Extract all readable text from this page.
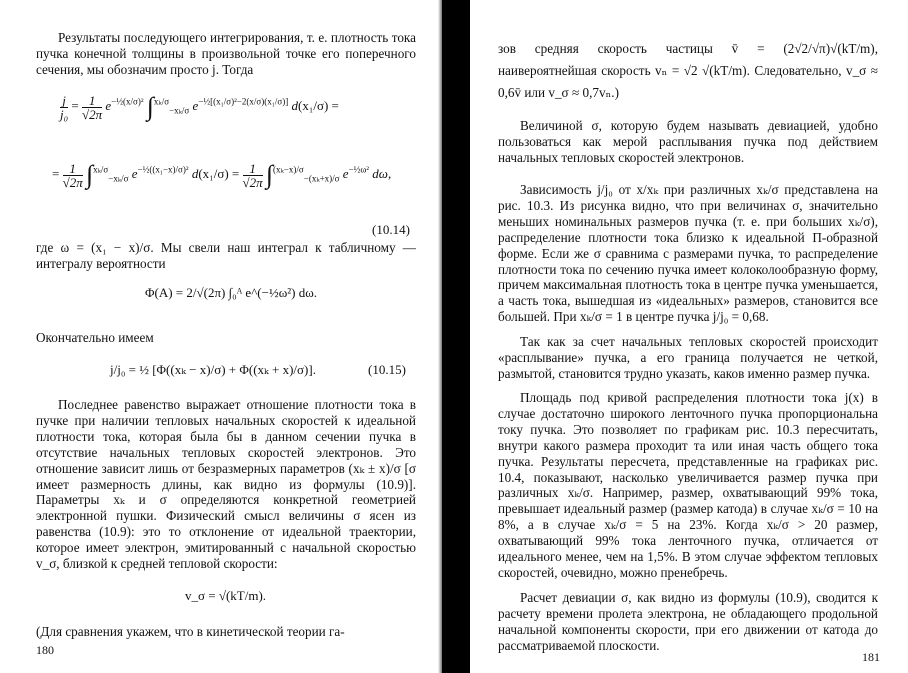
Результаты последующего интегрирования, т. е. плотность тока пучка конечной толщины в произвольной точке его поперечного сечения, мы обозначим просто j. Тогда

$\frac{j}{\text{j₀}} = \frac{1}{√2\pi} e^{-\frac{1}{2}(x/\sigma)^2}$ ∫$^{x_k/\sigma}_{-x_k/\sigma}$ $e^{-\frac{1}{2}[(x_1/\sigma)^2-2(x/\sigma)(x_1/\sigma)]}$ d(x₁/σ) =
= $\frac{1}{√2\pi} \int^{x_k/\sigma}_{-x_k/\sigma}$ $e^{-\frac{1}{2}((x_1-x)/\sigma)^2}$ $d(x_1/\sigma) = \frac{1}{√2\pi} \int^{(x_k-x)/\sigma}_{-(x_k+x)/\sigma}$ $e^{-\frac{1}{2}\omega^2}$ dω,
(10.14)

где ω = (x₁ − x)/σ. Мы свели наш интеграл к табличному — интегралу вероятности

Φ(A) = 2/√(2π) ∫₀ᴬ e^(−½ω²) dω.

Окончательно имеем

j/j₀ = ½ [Φ((xₖ − x)/σ) + Φ((xₖ + x)/σ)].	(10.15)

Последнее равенство выражает отношение плотности тока в пучке при наличии тепловых начальных скоростей к идеальной плотности тока, которая была бы в данном сечении пучка в отсутствие начальных тепловых скоростей электронов. Это отношение зависит лишь от безразмерных параметров (xₖ ± x)/σ [σ имеет размерность длины, как видно из формулы (10.9)]. Параметры xₖ и σ определяются конкретной геометрией электронной пушки. Физический смысл величины σ ясен из равенства (10.9): это то отклонение от идеальной траектории, которое имеет электрон, эмитированный с начальной скоростью v_σ, близкой к средней тепловой скорости:

v_σ = √(kT/m).

(Для сравнения укажем, что в кинетической теории га-

180

зов средняя скорость частицы v̄ = (2√2/√π)√(kT/m), наивероятнейшая скорость vₙ = √2 √(kT/m). Следовательно, v_σ ≈ 0,6v̄ или v_σ ≈ 0,7vₙ.)

Величиной σ, которую будем называть девиацией, удобно пользоваться как мерой расплывания пучка под действием начальных тепловых скоростей электронов.

Зависимость j/j₀ от x/xₖ при различных xₖ/σ представлена на рис. 10.3. Из рисунка видно, что при величинах σ, значительно меньших номинальных размеров пучка (т. е. при больших xₖ/σ), распределение плотности тока близко к идеальной П-образной форме. Если же σ сравнима с размерами пучка, то распределение плотности тока по сечению пучка имеет колоколообразную форму, причем максимальная плотность тока в центре пучка уменьшается, а часть тока, вышедшая из «идеальных» размеров, становится все большей. При xₖ/σ = 1 в центре пучка j/j₀ = 0,68.

Так как за счет начальных тепловых скоростей происходит «расплывание» пучка, а его граница получается не четкой, размытой, становится трудно указать, каков именно размер пучка.

Площадь под кривой распределения плотности тока j(x) в случае достаточно широкого ленточного пучка пропорциональна току пучка. Это позволяет по графикам рис. 10.3 пересчитать, внутри какого размера проходит та или иная часть общего тока пучка. Результаты пересчета, представленные на графиках рис. 10.4, показывают, насколько увеличивается размер пучка при различных xₖ/σ. Например, размер, охватывающий 99% тока, превышает идеальный размер (размер катода) в случае xₖ/σ = 10 на 8%, а в случае xₖ/σ = 5 на 23%. Когда xₖ/σ > 20 размер, охватывающий 99% тока ленточного пучка, отличается от идеального менее, чем на 1,5%. В этом случае эффектом тепловых скоростей, очевидно, можно пренебречь.

Расчет девиации σ, как видно из формулы (10.9), сводится к расчету времени пролета электрона, не обладающего продольной начальной компоненты скорости, при его движении от катода до рассматриваемой плоскости.

181
